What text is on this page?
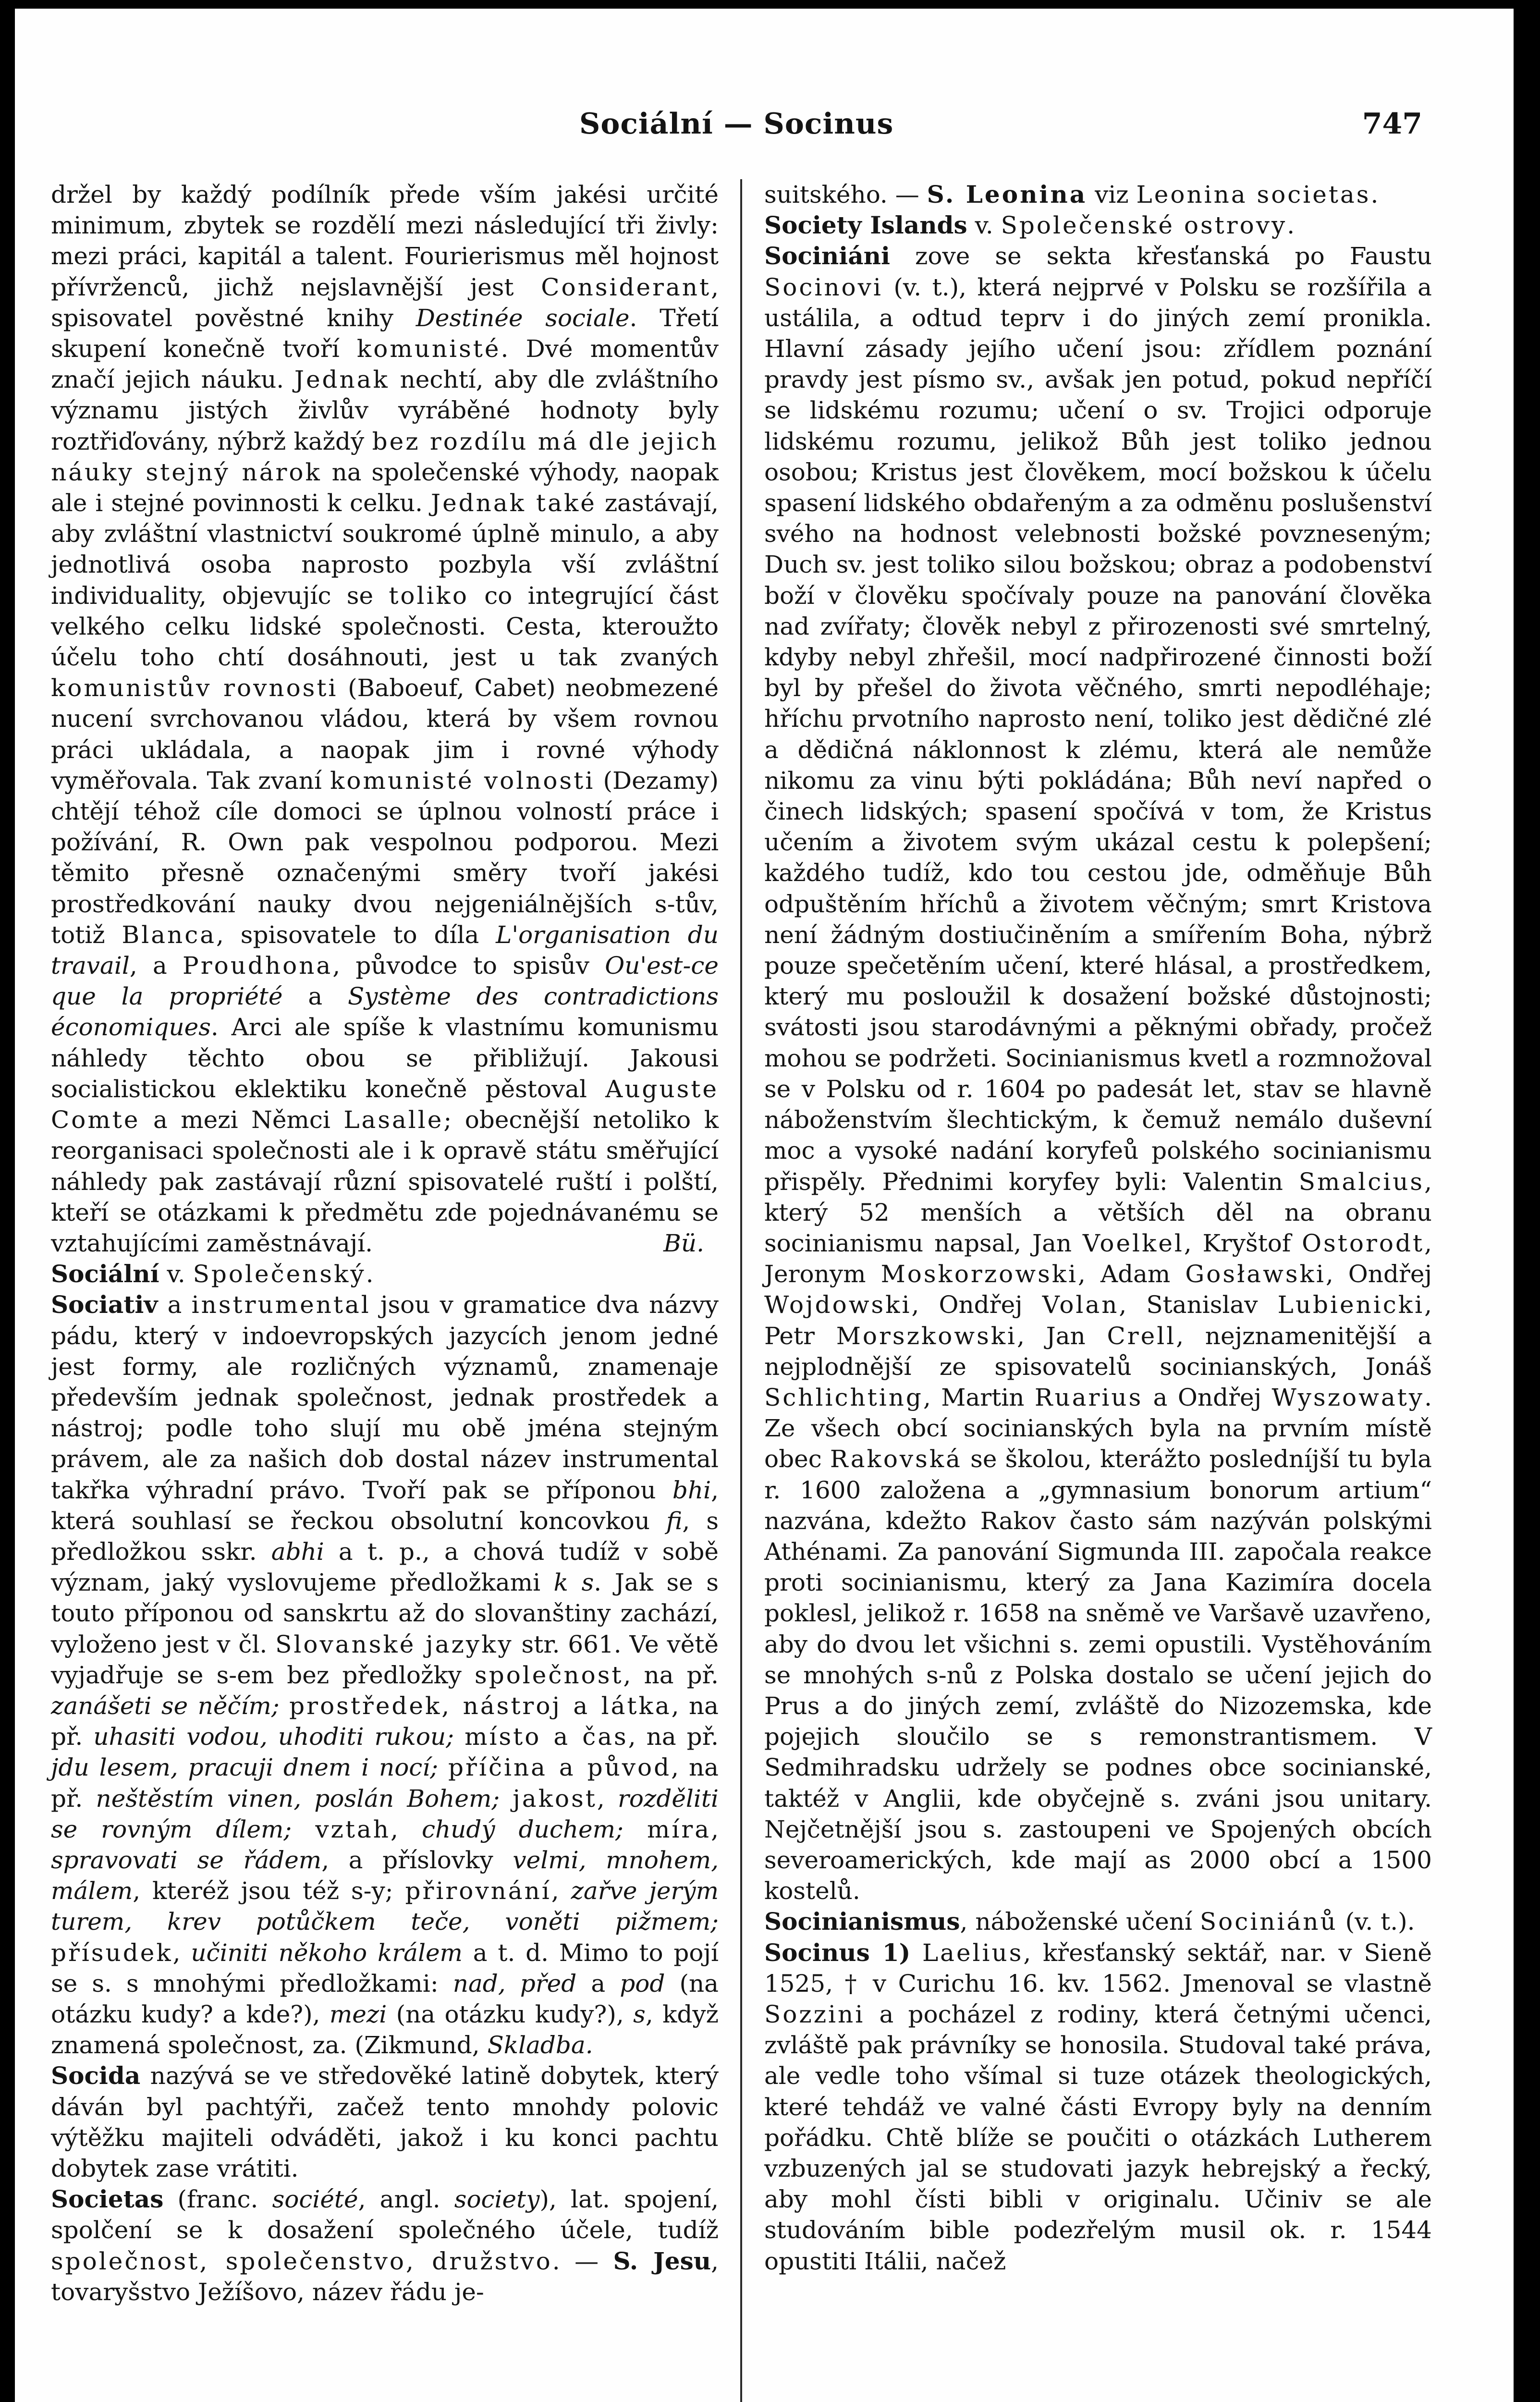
Sociální — Socinus	747

držel by každý podílník přede vším jakési určité minimum, zbytek se rozdělí mezi následující tři živly: mezi práci, kapitál a talent. Fourierismus měl hojnost přívrženců, jichž nejslavnější jest Considerant, spisovatel pověstné knihy Destinée sociale. Třetí skupení konečně tvoří komunisté. Dvé momentův značí jejich náuku. Jednak nechtí, aby dle zvláštního významu jistých živlův vyráběné hodnoty byly roztřiďovány, nýbrž každý bez rozdílu má dle jejich náuky stejný nárok na společenské výhody, naopak ale i stejné povinnosti k celku. Jednak také zastávají, aby zvláštní vlastnictví soukromé úplně minulo, a aby jednotlivá osoba naprosto pozbyla vší zvláštní individuality, objevujíc se toliko co integrující část velkého celku lidské společnosti. Cesta, kteroužto účelu toho chtí dosáhnouti, jest u tak zvaných komunistův rovnosti (Baboeuf, Cabet) neobmezené nucení svrchovanou vládou, která by všem rovnou práci ukládala, a naopak jim i rovné výhody vyměřovala. Tak zvaní komunisté volnosti (Dezamy) chtějí téhož cíle domoci se úplnou volností práce i požívání, R. Own pak vespolnou podporou. Mezi těmito přesně označenými směry tvoří jakési prostředkování nauky dvou nejgeniálnějších s-tův, totiž Blanca, spisovatele to díla L'organisation du travail, a Proudhona, původce to spisův Ou'est-ce que la propriété a Système des contradictions économiques. Arci ale spíše k vlastnímu komunismu náhledy těchto obou se přibližují. Jakousi socialistickou eklektiku konečně pěstoval Auguste Comte a mezi Němci Lasalle; obecnější netoliko k reorganisaci společnosti ale i k opravě státu směřující náhledy pak zastávají různí spisovatelé ruští i polští, kteří se otázkami k předmětu zde pojednávanému se vztahujícími zaměstnávají.	Bü.

Sociální v. Společenský.

Sociativ a instrumental jsou v gramatice dva názvy pádu, který v indoevropských jazycích jenom jedné jest formy, ale rozličných významů, znamenaje především jednak společnost, jednak prostředek a nástroj; podle toho slují mu obě jména stejným právem, ale za našich dob dostal název instrumental takřka výhradní právo. Tvoří pak se příponou bhi, která souhlasí se řeckou obsolutní koncovkou fi, s předložkou sskr. abhi a t. p., a chová tudíž v sobě význam, jaký vyslovujeme předložkami k s. Jak se s touto příponou od sanskrtu až do slovanštiny zachází, vyloženo jest v čl. Slovanské jazyky str. 661. Ve větě vyjadřuje se s-em bez předložky společnost, na př. zanášeti se něčím; prostředek, nástroj a látka, na př. uhasiti vodou, uhoditi rukou; místo a čas, na př. jdu lesem, pracuji dnem i nocí; příčina a původ, na př. neštěstím vinen, poslán Bohem; jakost, rozděliti se rovným dílem; vztah, chudý duchem; míra, spravovati se řádem, a příslovky velmi, mnohem, málem, kteréž jsou též s-y; přirovnání, zařve jerým turem, krev potůčkem teče, voněti pižmem; přísudek, učiniti někoho králem a t. d. Mimo to pojí se s. s mnohými předložkami: nad, před a pod (na otázku kudy? a kde?), mezi (na otázku kudy?), s, když znamená společnost, za. (Zikmund, Skladba.

Socida nazývá se ve středověké latině dobytek, který dáván byl pachtýři, začež tento mnohdy polovic výtěžku majiteli odváděti, jakož i ku konci pachtu dobytek zase vrátiti.

Societas (franc. société, angl. society), lat. spojení, spolčení se k dosažení společného účele, tudíž společnost, společenstvo, družstvo. — S. Jesu, tovaryšstvo Ježíšovo, název řádu je-

suitského. — S. Leonina viz Leonina societas.

Society Islands v. Společenské ostrovy.

Sociniáni zove se sekta křesťanská po Faustu Socinovi (v. t.), která nejprvé v Polsku se rozšířila a ustálila, a odtud teprv i do jiných zemí pronikla. Hlavní zásady jejího učení jsou: zřídlem poznání pravdy jest písmo sv., avšak jen potud, pokud nepříčí se lidskému rozumu; učení o sv. Trojici odporuje lidskému rozumu, jelikož Bůh jest toliko jednou osobou; Kristus jest člověkem, mocí božskou k účelu spasení lidského obdařeným a za odměnu poslušenství svého na hodnost velebnosti božské povzneseným; Duch sv. jest toliko silou božskou; obraz a podobenství boží v člověku spočívaly pouze na panování člověka nad zvířaty; člověk nebyl z přirozenosti své smrtelný, kdyby nebyl zhřešil, mocí nadpřirozené činnosti boží byl by přešel do života věčného, smrti nepodléhaje; hříchu prvotního naprosto není, toliko jest dědičné zlé a dědičná náklonnost k zlému, která ale nemůže nikomu za vinu býti pokládána; Bůh neví napřed o činech lidských; spasení spočívá v tom, že Kristus učením a životem svým ukázal cestu k polepšení; každého tudíž, kdo tou cestou jde, odměňuje Bůh odpuštěním hříchů a životem věčným; smrt Kristova není žádným dostiučiněním a smířením Boha, nýbrž pouze spečetěním učení, které hlásal, a prostředkem, který mu posloužil k dosažení božské důstojnosti; svátosti jsou starodávnými a pěknými obřady, pročež mohou se podržeti. Socinianismus kvetl a rozmnožoval se v Polsku od r. 1604 po padesát let, stav se hlavně náboženstvím šlechtickým, k čemuž nemálo duševní moc a vysoké nadání koryfeů polského socinianismu přispěly. Přednimi koryfey byli: Valentin Smalcius, který 52 menších a větších děl na obranu socinianismu napsal, Jan Voelkel, Kryštof Ostorodt, Jeronym Moskorzowski, Adam Gosławski, Ondřej Wojdowski, Ondřej Volan, Stanislav Lubienicki, Petr Morszkowski, Jan Crell, nejznamenitější a nejplodnější ze spisovatelů socinianských, Jonáš Schlichting, Martin Ruarius a Ondřej Wyszowaty. Ze všech obcí socinianských byla na prvním místě obec Rakovská se školou, kterážto posledníjší tu byla r. 1600 založena a „gymnasium bonorum artium“ nazvána, kdežto Rakov často sám nazýván polskými Athénami. Za panování Sigmunda III. započala reakce proti socinianismu, který za Jana Kazimíra docela poklesl, jelikož r. 1658 na sněmě ve Varšavě uzavřeno, aby do dvou let všichni s. zemi opustili. Vystěhováním se mnohých s-nů z Polska dostalo se učení jejich do Prus a do jiných zemí, zvláště do Nizozemska, kde pojejich sloučilo se s remonstrantismem. V Sedmihradsku udržely se podnes obce socinianské, taktéž v Anglii, kde obyčejně s. zváni jsou unitary. Nejčetnější jsou s. zastoupeni ve Spojených obcích severoamerických, kde mají as 2000 obcí a 1500 kostelů.

Socinianismus, náboženské učení Sociniánů (v. t.).

Socinus 1) Laelius, křesťanský sektář, nar. v Sieně 1525, † v Curichu 16. kv. 1562. Jmenoval se vlastně Sozzini a pocházel z rodiny, která četnými učenci, zvláště pak právníky se honosila. Studoval také práva, ale vedle toho všímal si tuze otázek theologických, které tehdáž ve valné části Evropy byly na denním pořádku. Chtě blíže se poučiti o otázkách Lutherem vzbuzených jal se studovati jazyk hebrejský a řecký, aby mohl čísti bibli v originalu. Učiniv se ale studováním bible podezřelým musil ok. r. 1544 opustiti Itálii, načež
